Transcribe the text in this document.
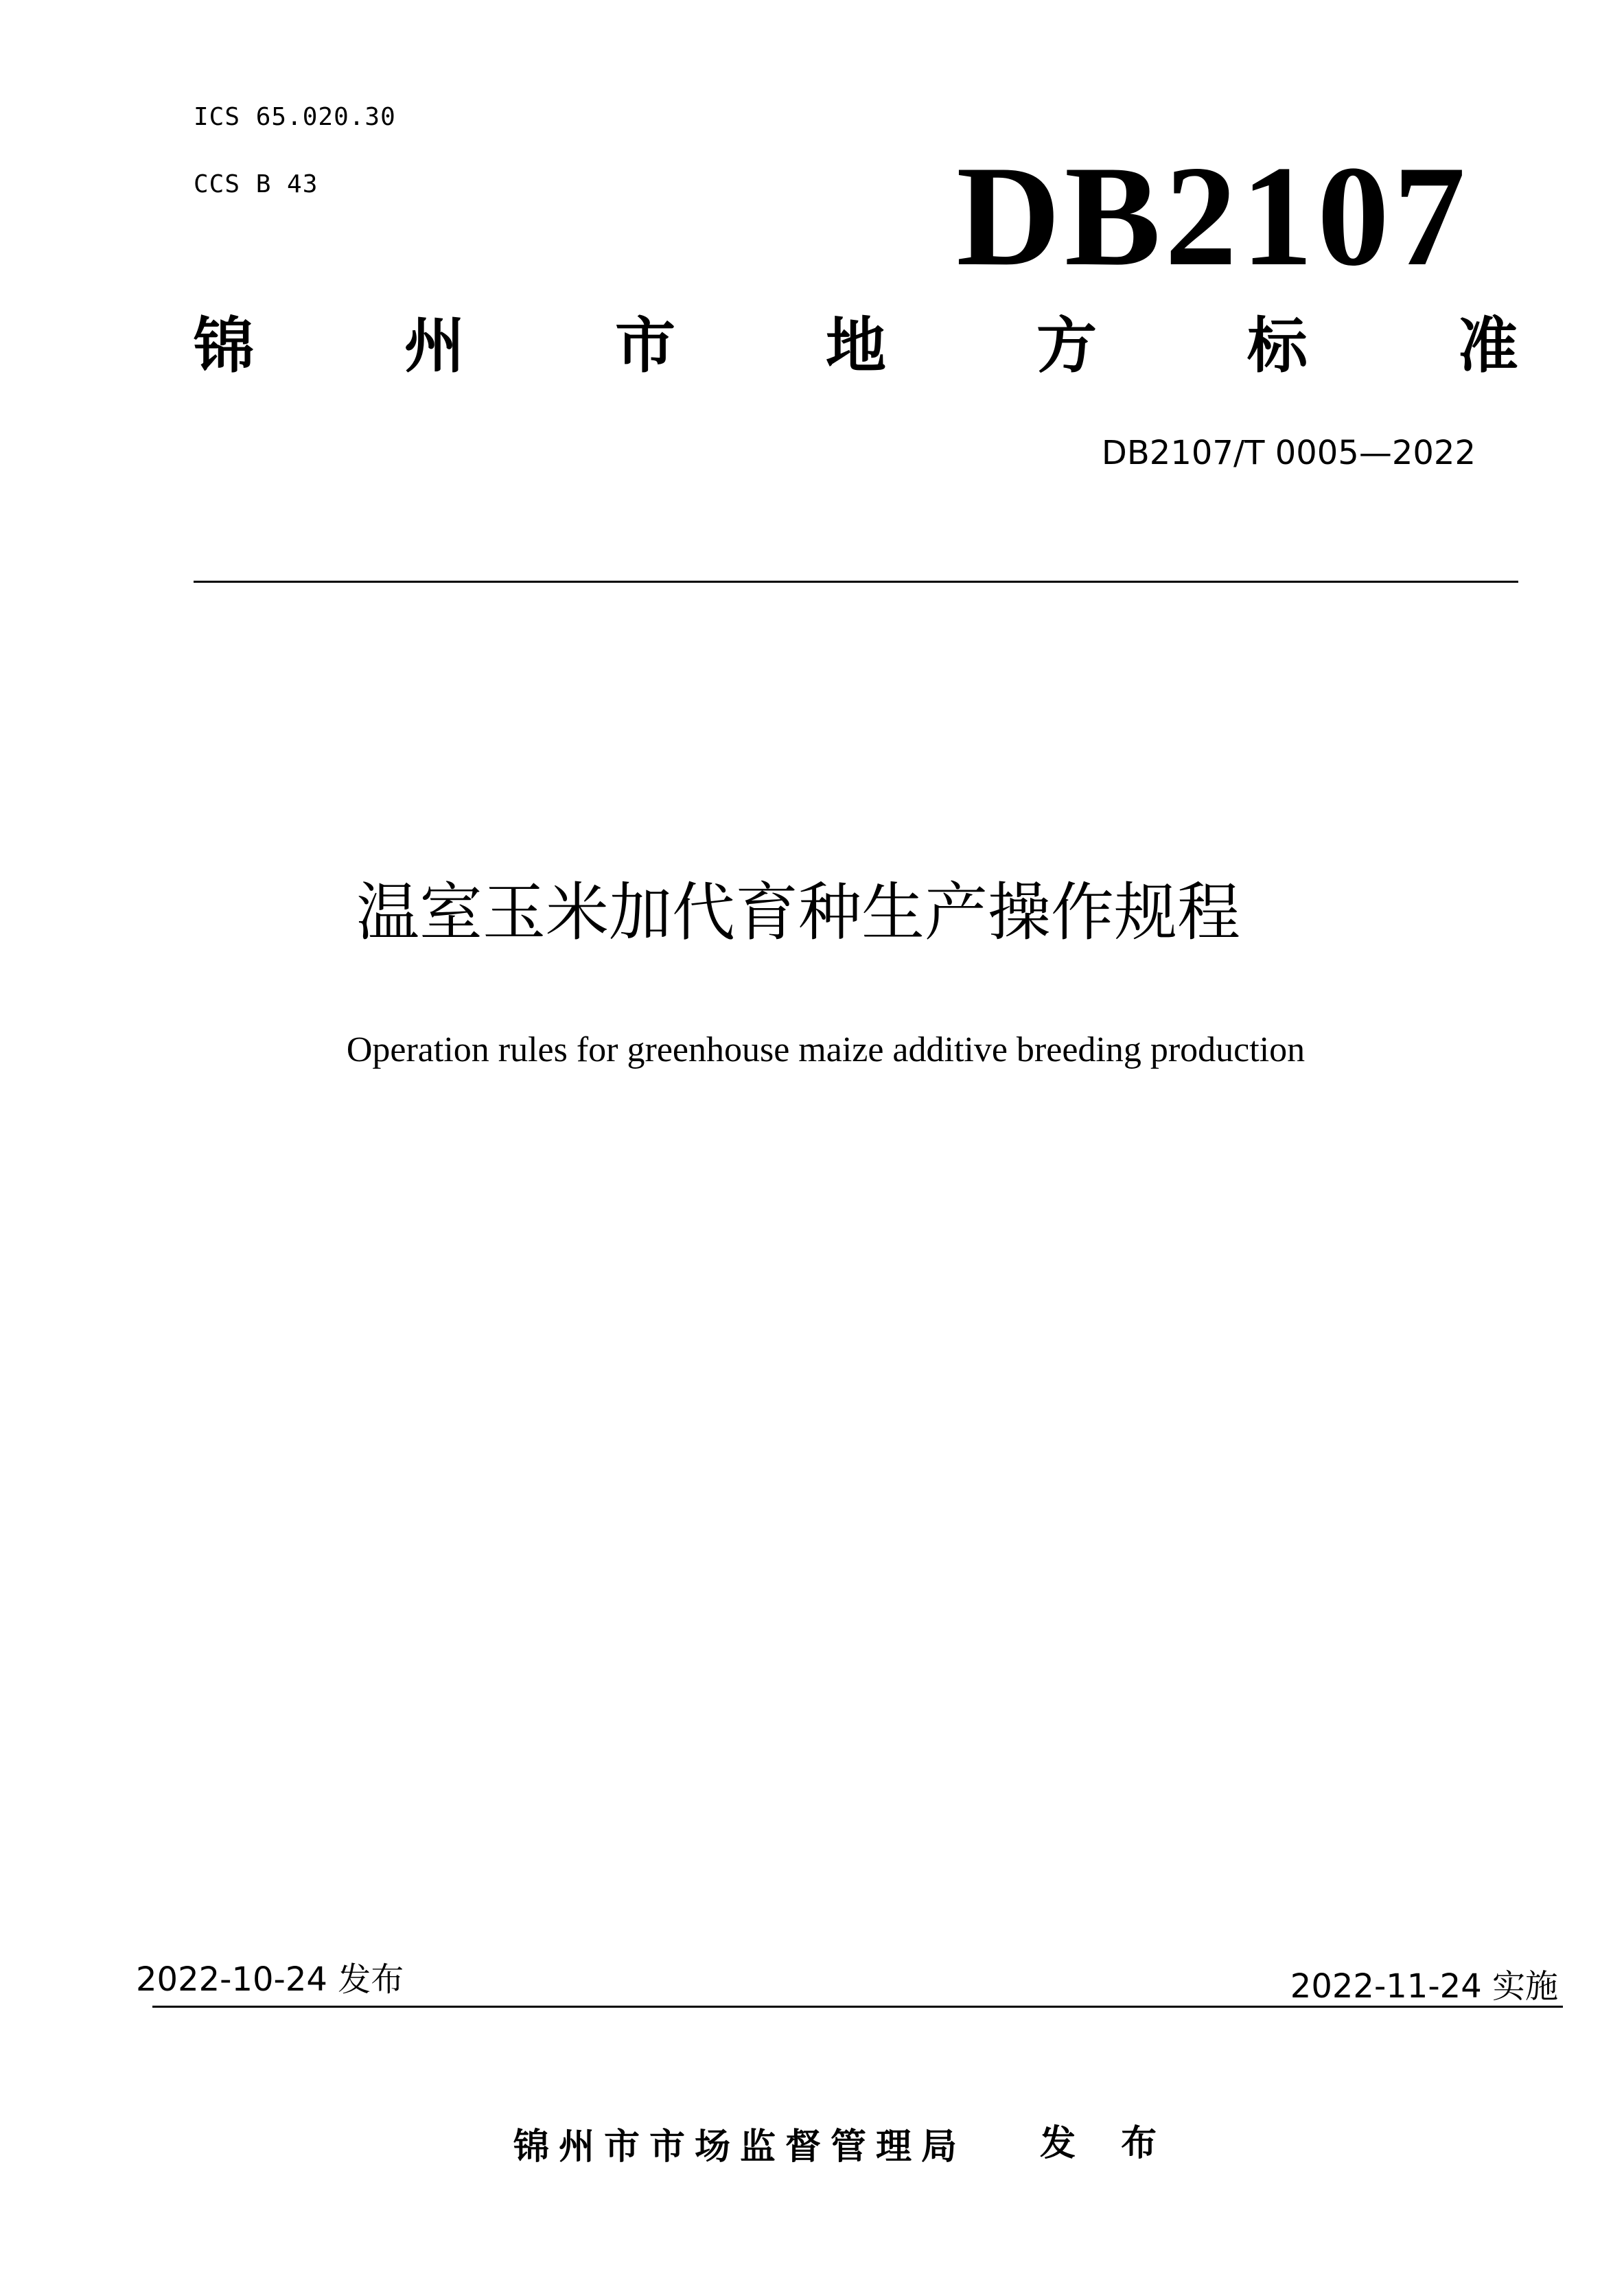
ICS 65.020.30
CCS B 43	DB2107
锦 州 市 地 方 标 准
DB2107/T 0005—2022
温室玉米加代育种生产操作规程
Operation rules for greenhouse maize additive breeding production
2022-10-24 发布	2022-11-24 实施
锦州市市场监督管理局 发 布
